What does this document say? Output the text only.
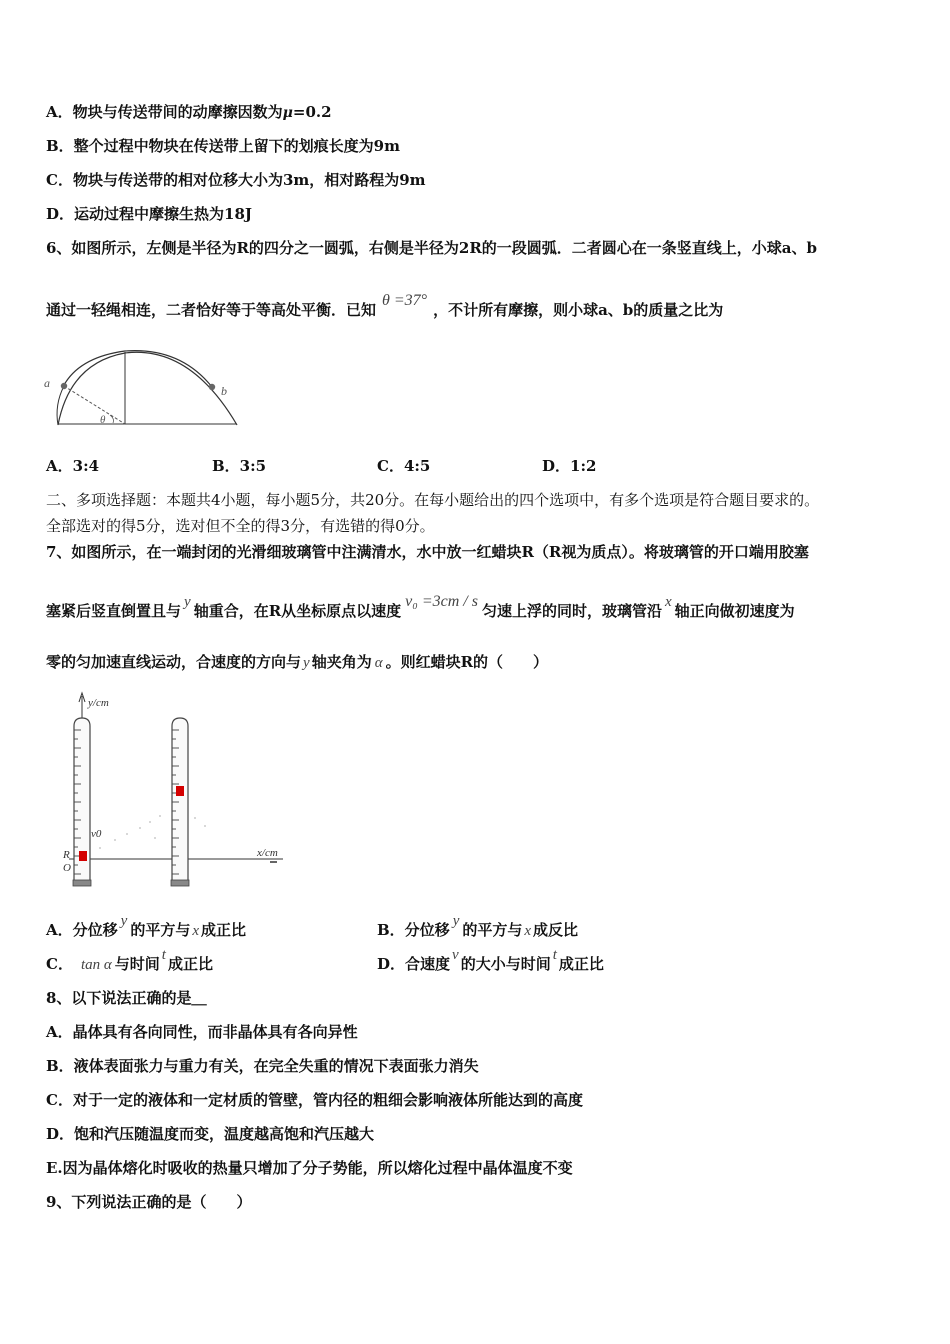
A．物块与传送带间的动摩擦因数为μ=0.2
B．整个过程中物块在传送带上留下的划痕长度为9m
C．物块与传送带的相对位移大小为3m，相对路程为9m
D．运动过程中摩擦生热为18J
6、如图所示，左侧是半径为R的四分之一圆弧，右侧是半径为2R的一段圆弧．二者圆心在一条竖直线上，小球a、b
通过一轻绳相连，二者恰好等于等高处平衡．已知θ =37°，不计所有摩擦，则小球a、b的质量之比为
a
b
θ
A．3:4	B．3:5	C．4:5	D．1:2
二、多项选择题：本题共4小题，每小题5分，共20分。在每小题给出的四个选项中，有多个选项是符合题目要求的。
全部选对的得5分，选对但不全的得3分，有选错的得0分。
7、如图所示，在一端封闭的光滑细玻璃管中注满清水，水中放一红蜡块R（R视为质点）。将玻璃管的开口端用胶塞
塞紧后竖直倒置且与 y 轴重合，在R从坐标原点以速度v₀ =3cm / s匀速上浮的同时，玻璃管沿 x 轴正向做初速度为
零的匀加速直线运动，合速度的方向与 y 轴夹角为 α 。则红蜡块R的（　　）
y/cm
x/cm
v0
R
O
A．分位移 y 的平方与 x 成正比	B．分位移 y 的平方与 x 成反比
C． tan α 与时间 t 成正比	D．合速度 v 的大小与时间 t 成正比
8、以下说法正确的是＿
A．晶体具有各向同性，而非晶体具有各向异性
B．液体表面张力与重力有关，在完全失重的情况下表面张力消失
C．对于一定的液体和一定材质的管壁，管内径的粗细会影响液体所能达到的高度
D．饱和汽压随温度而变，温度越高饱和汽压越大
E.因为晶体熔化时吸收的热量只增加了分子势能，所以熔化过程中晶体温度不变
9、下列说法正确的是（　　）
